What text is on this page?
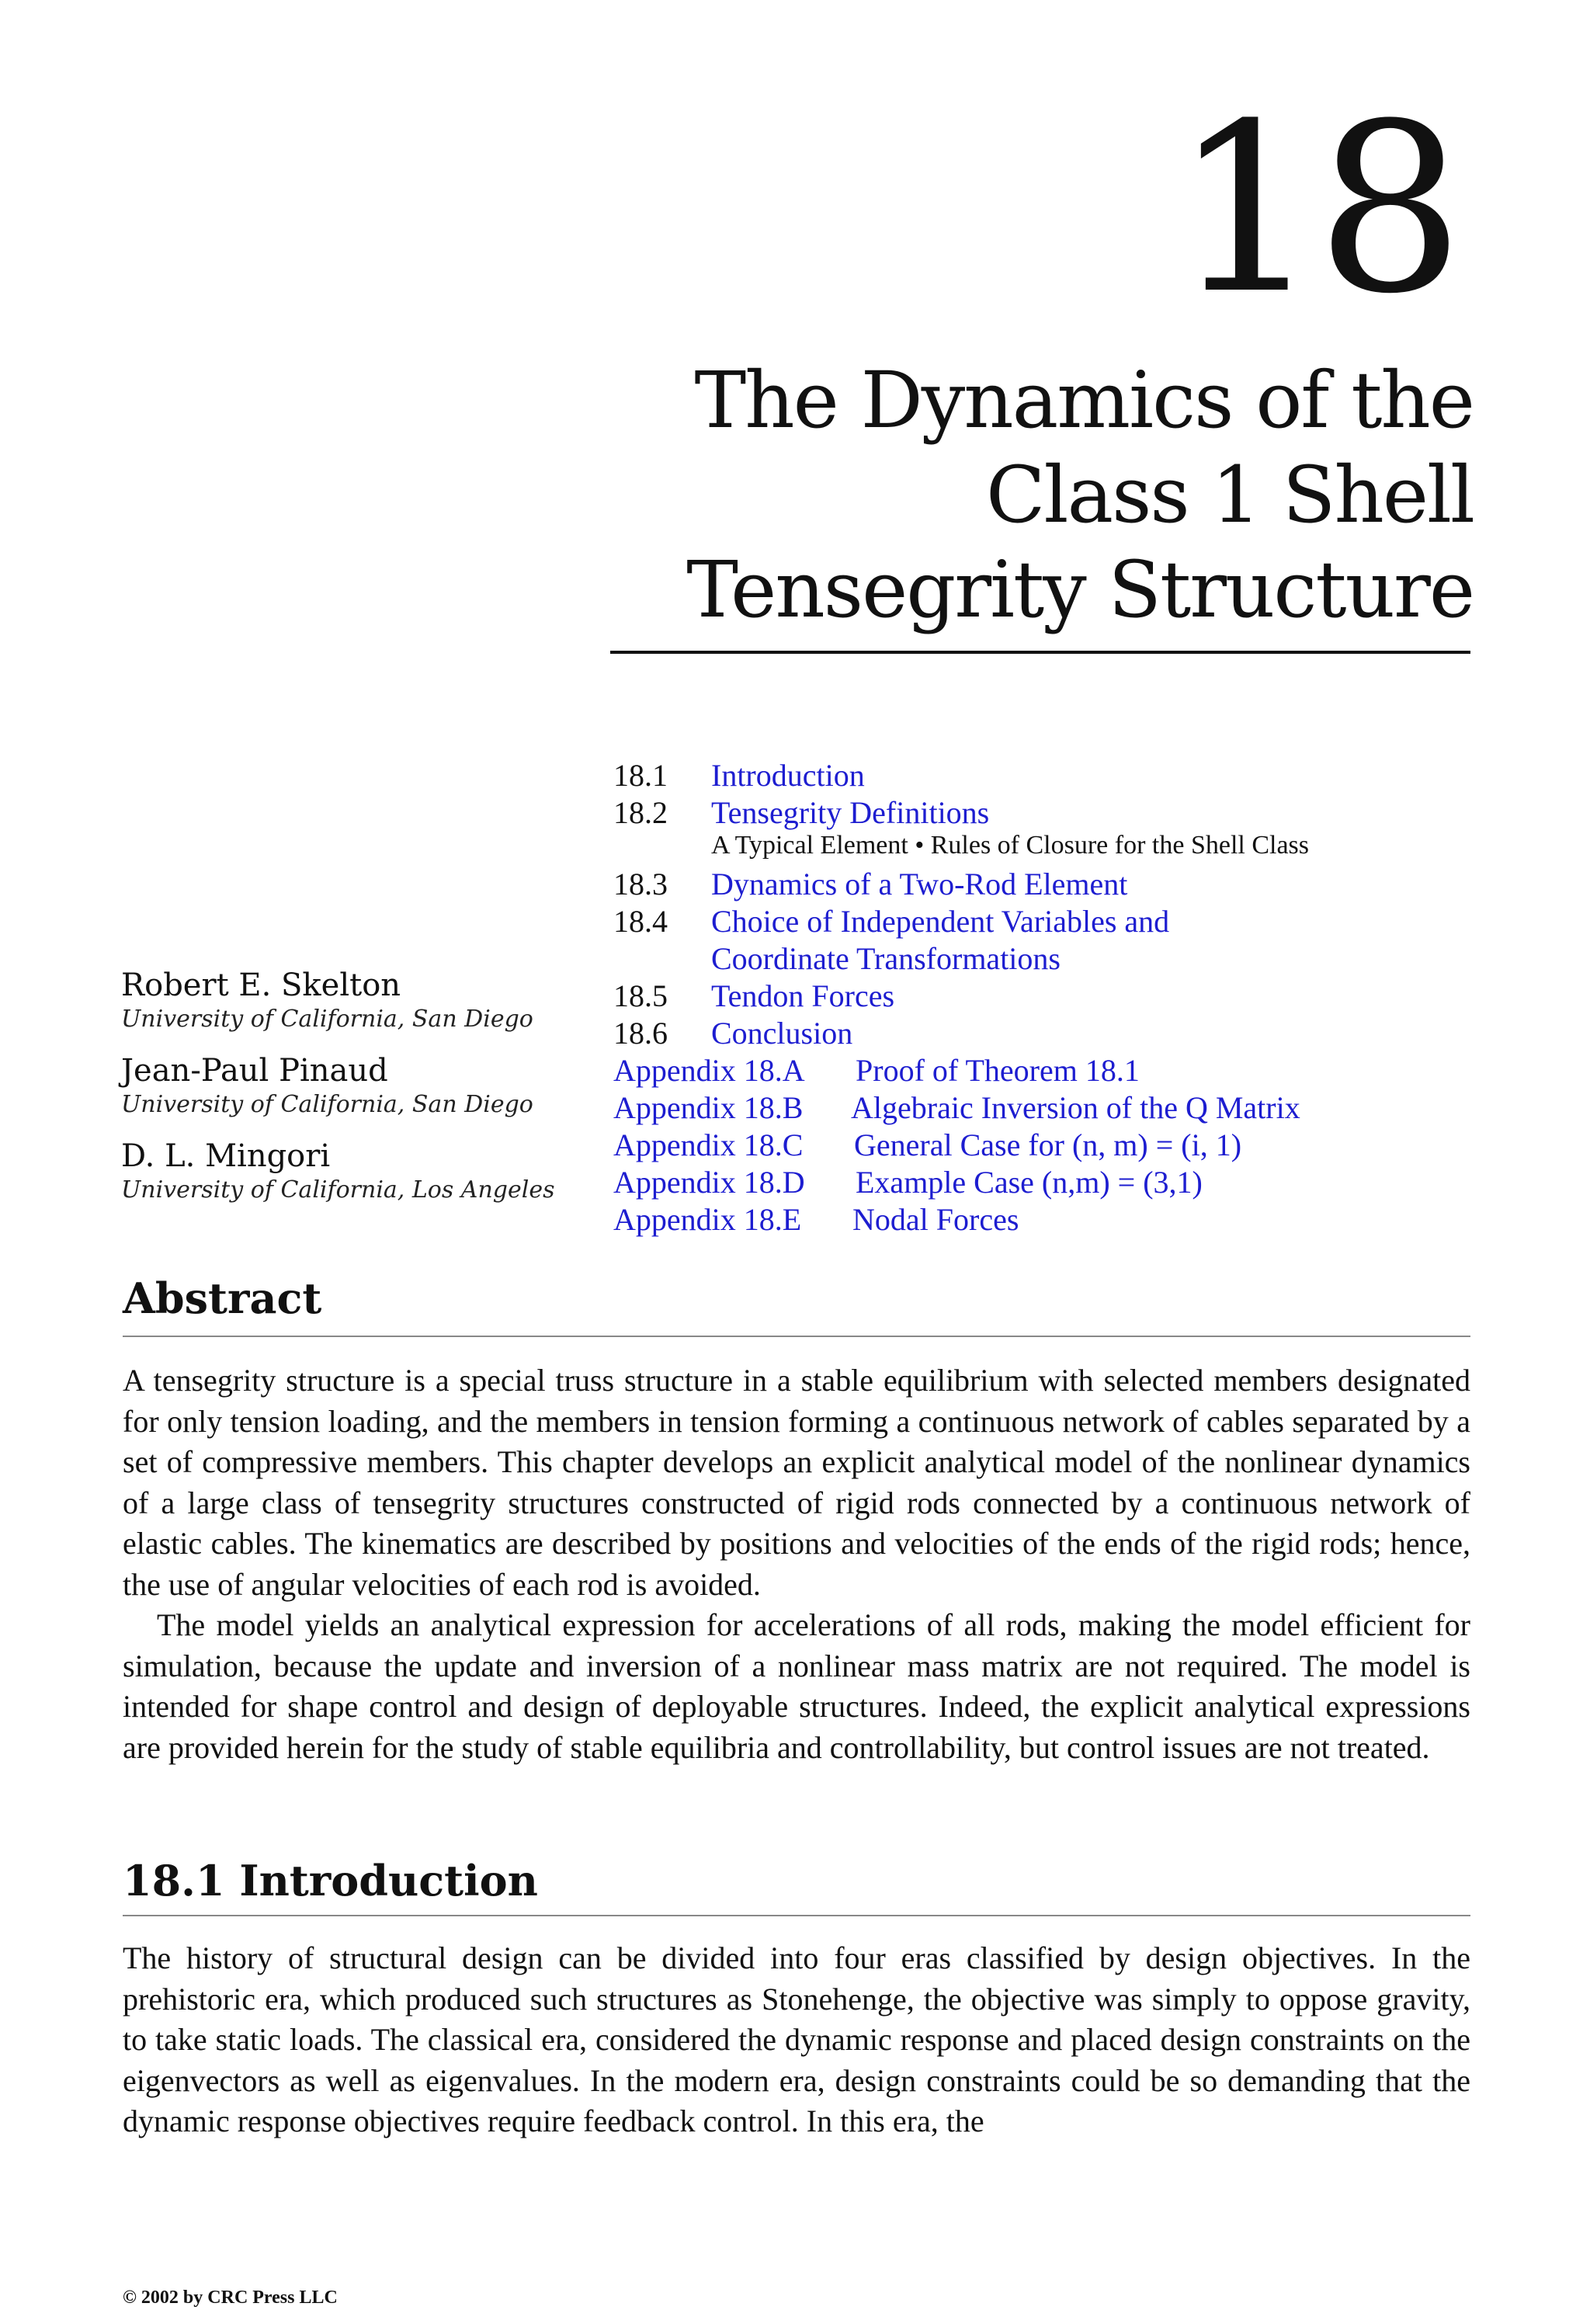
18
The Dynamics of the
Class 1 Shell
Tensegrity Structure
18.1	Introduction
18.2	Tensegrity Definitions
A Typical Element • Rules of Closure for the Shell Class
18.3	Dynamics of a Two-Rod Element
18.4	Choice of Independent Variables and
Coordinate Transformations
18.5	Tendon Forces
18.6	Conclusion
Appendix 18.A Proof of Theorem 18.1
Appendix 18.B Algebraic Inversion of the Q Matrix
Appendix 18.C General Case for (n, m) = (i, 1)
Appendix 18.D Example Case (n,m) = (3,1)
Appendix 18.E Nodal Forces
Robert E. Skelton
University of California, San Diego
Jean-Paul Pinaud
University of California, San Diego
D. L. Mingori
University of California, Los Angeles
Abstract

A tensegrity structure is a special truss structure in a stable equilibrium with selected members designated for only tension loading, and the members in tension forming a continuous network of cables separated by a set of compressive members. This chapter develops an explicit analytical model of the nonlinear dynamics of a large class of tensegrity structures constructed of rigid rods connected by a continuous network of elastic cables. The kinematics are described by positions and velocities of the ends of the rigid rods; hence, the use of angular velocities of each rod is avoided.

The model yields an analytical expression for accelerations of all rods, making the model efficient for simulation, because the update and inversion of a nonlinear mass matrix are not required. The model is intended for shape control and design of deployable structures. Indeed, the explicit analytical expressions are provided herein for the study of stable equilibria and controllability, but control issues are not treated.

18.1 Introduction

The history of structural design can be divided into four eras classified by design objectives. In the prehistoric era, which produced such structures as Stonehenge, the objective was simply to oppose gravity, to take static loads. The classical era, considered the dynamic response and placed design constraints on the eigenvectors as well as eigenvalues. In the modern era, design constraints could be so demanding that the dynamic response objectives require feedback control. In this era, the

© 2002 by CRC Press LLC
